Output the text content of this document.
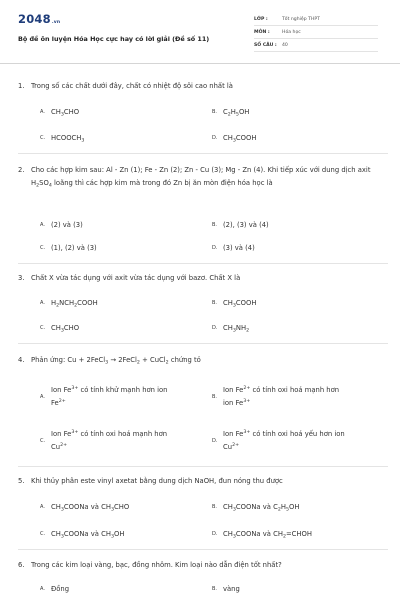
2048.vn
Bộ đề ôn luyện Hóa Học cực hay có lời giải (Đề số 11)
LỚP :	Tốt nghiệp THPT
MÔN :	Hóa học
SỐ CÂU :	40
1. Trong số các chất dưới đây, chất có nhiệt độ sôi cao nhất là
A. $CH_3CHO$	B. $C_2H_5OH$
C. $HCOOCH_3$	D. $CH_3COOH$
2. Cho các hợp kim sau: Al - Zn (1); Fe - Zn (2); Zn - Cu (3); Mg - Zn (4). Khi tiếp xúc với dung dịch axit $H_2SO_4$ loãng thì các hợp kim mà trong đó Zn bị ăn mòn điện hóa học là
A. (2) và (3)	B. (2), (3) và (4)
C. (1), (2) và (3)	D. (3) và (4)
3. Chất X vừa tác dụng với axit vừa tác dụng với bazơ. Chất X là
A. $H_2NCH_2COOH$	B. $CH_3COOH$
C. $CH_3CHO$	D. $CH_3NH_2$
4. Phản ứng: Cu + 2FeCl$_3$ → 2FeCl$_2$ + CuCl$_2$ chứng tỏ
A.
Ion $Fe^{3+}$ có tính khử mạnh hơn ion
$Fe^{2+}$
B.
Ion $Fe^{2+}$ có tính oxi hoá mạnh hơn
ion $Fe^{3+}$
C.
Ion $Fe^{3+}$ có tính oxi hoá mạnh hơn
$Cu^{2+}$
D.
Ion $Fe^{3+}$ có tính oxi hoá yếu hơn ion
$Cu^{2+}$
5. Khi thủy phân este vinyl axetat bằng dung dịch NaOH, đun nóng thu được
A. $CH_3COONa$ và $CH_3CHO$	B. $CH_3COONa$ và $C_2H_5OH$
C. $CH_3COONa$ và $CH_3OH$	D. $CH_3COONa$ và $CH_2=CHOH$
6. Trong các kim loại vàng, bạc, đồng nhôm. Kim loại nào dẫn điện tốt nhất?
A. Đồng	B. vàng
